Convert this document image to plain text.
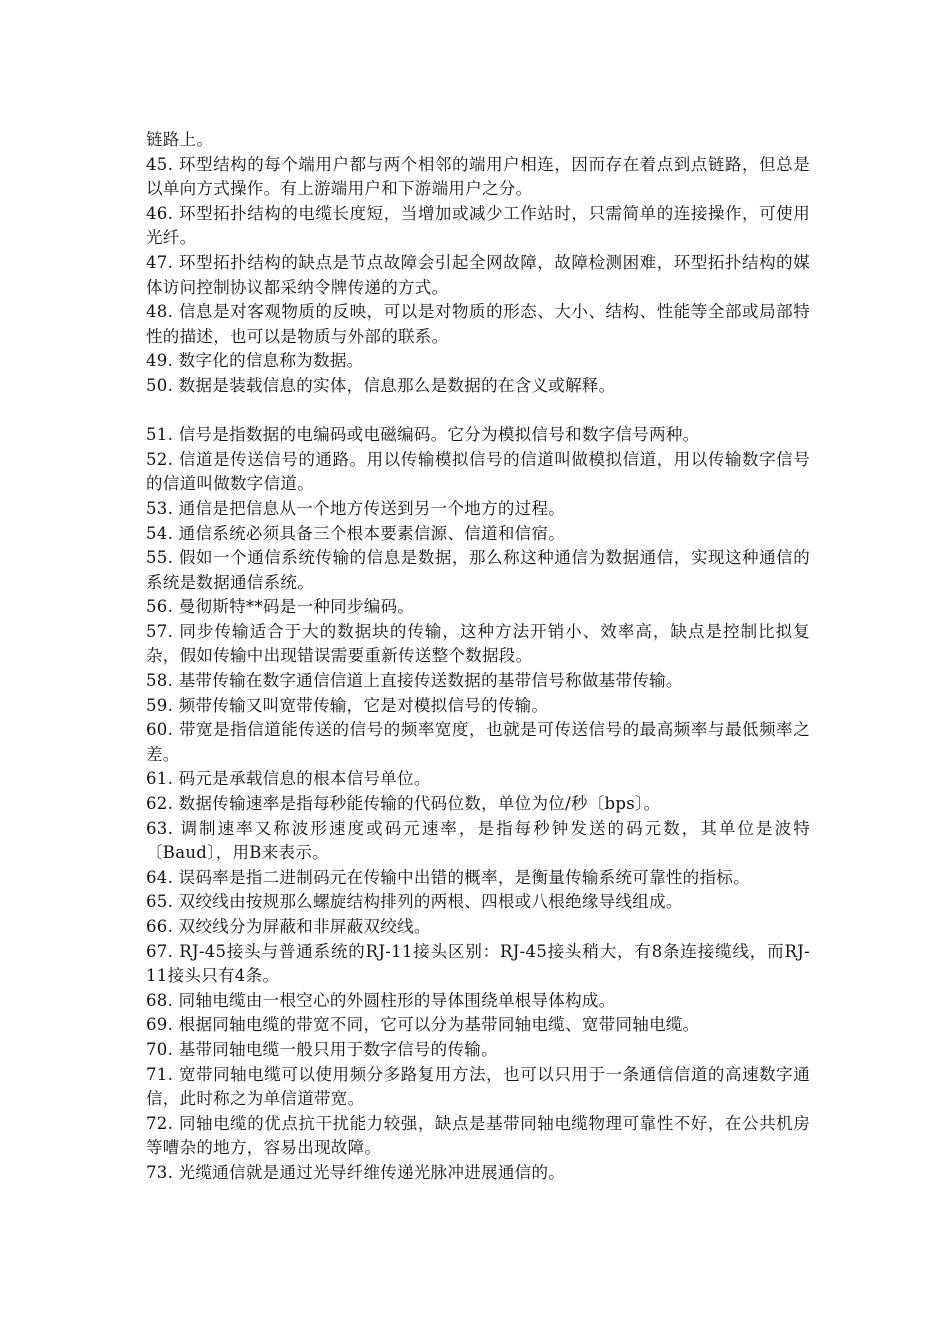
链路上。

45. 环型结构的每个端用户都与两个相邻的端用户相连，因而存在着点到点链路，但总是以单向方式操作。有上游端用户和下游端用户之分。

46. 环型拓扑结构的电缆长度短，当增加或减少工作站时，只需简单的连接操作，可使用光纤。

47. 环型拓扑结构的缺点是节点故障会引起全网故障，故障检测困难，环型拓扑结构的媒体访问控制协议都采纳令牌传递的方式。

48. 信息是对客观物质的反映，可以是对物质的形态、大小、结构、性能等全部或局部特性的描述，也可以是物质与外部的联系。

49. 数字化的信息称为数据。

50. 数据是装载信息的实体，信息那么是数据的在含义或解释。

51. 信号是指数据的电编码或电磁编码。它分为模拟信号和数字信号两种。

52. 信道是传送信号的通路。用以传输模拟信号的信道叫做模拟信道，用以传输数字信号的信道叫做数字信道。

53. 通信是把信息从一个地方传送到另一个地方的过程。

54. 通信系统必须具备三个根本要素信源、信道和信宿。

55. 假如一个通信系统传输的信息是数据，那么称这种通信为数据通信，实现这种通信的系统是数据通信系统。

56. 曼彻斯特**码是一种同步编码。

57. 同步传输适合于大的数据块的传输，这种方法开销小、效率高，缺点是控制比拟复杂，假如传输中出现错误需要重新传送整个数据段。

58. 基带传输在数字通信信道上直接传送数据的基带信号称做基带传输。

59. 频带传输又叫宽带传输，它是对模拟信号的传输。

60. 带宽是指信道能传送的信号的频率宽度，也就是可传送信号的最高频率与最低频率之差。

61. 码元是承载信息的根本信号单位。

62. 数据传输速率是指每秒能传输的代码位数，单位为位/秒〔bps〕。

63. 调制速率又称波形速度或码元速率，是指每秒钟发送的码元数，其单位是波特〔Baud〕，用B来表示。

64. 误码率是指二进制码元在传输中出错的概率，是衡量传输系统可靠性的指标。

65. 双绞线由按规那么螺旋结构排列的两根、四根或八根绝缘导线组成。

66. 双绞线分为屏蔽和非屏蔽双绞线。

67. RJ-45接头与普通系统的RJ-11接头区别：RJ-45接头稍大，有8条连接缆线，而RJ-11接头只有4条。

68. 同轴电缆由一根空心的外圆柱形的导体围绕单根导体构成。

69. 根据同轴电缆的带宽不同，它可以分为基带同轴电缆、宽带同轴电缆。

70. 基带同轴电缆一般只用于数字信号的传输。

71. 宽带同轴电缆可以使用频分多路复用方法，也可以只用于一条通信信道的高速数字通信，此时称之为单信道带宽。

72. 同轴电缆的优点抗干扰能力较强，缺点是基带同轴电缆物理可靠性不好，在公共机房等嘈杂的地方，容易出现故障。

73. 光缆通信就是通过光导纤维传递光脉冲进展通信的。
